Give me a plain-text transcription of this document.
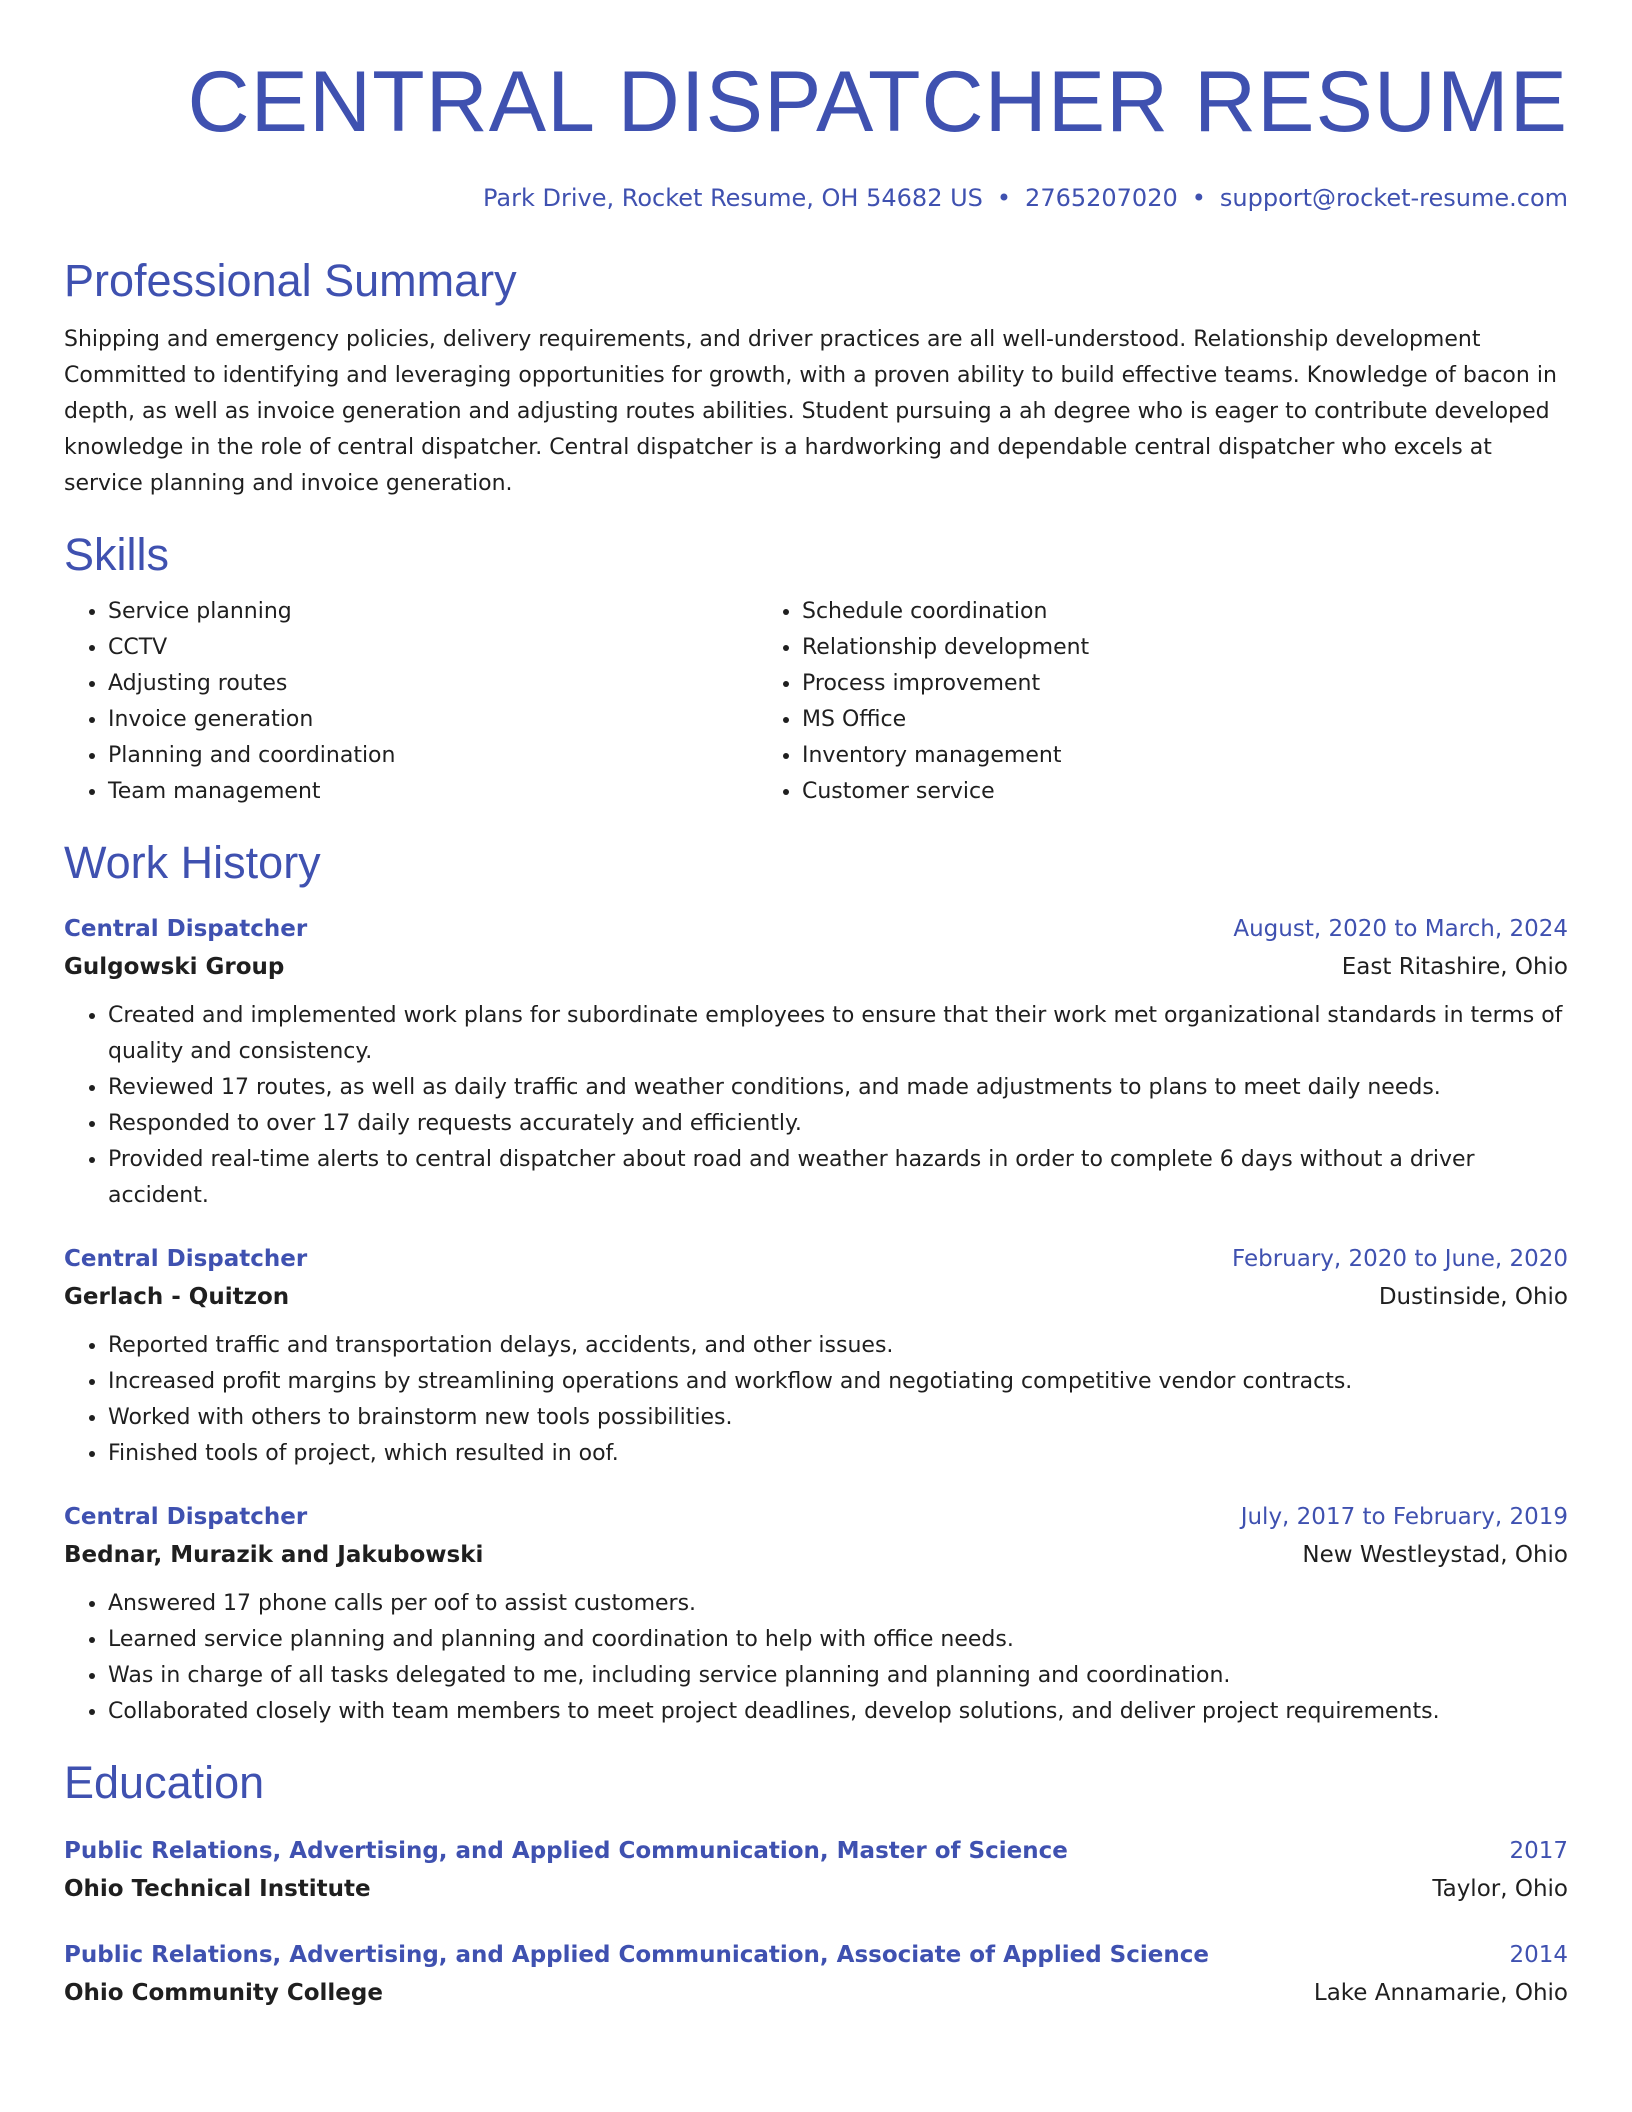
CENTRAL DISPATCHER RESUME
Park Drive, Rocket Resume, OH 54682 US • 2765207020 • support@rocket-resume.com
Professional Summary

Shipping and emergency policies, delivery requirements, and driver practices are all well-understood. Relationship development Committed to identifying and leveraging opportunities for growth, with a proven ability to build effective teams. Knowledge of bacon in depth, as well as invoice generation and adjusting routes abilities. Student pursuing a ah degree who is eager to contribute developed knowledge in the role of central dispatcher. Central dispatcher is a hardworking and dependable central dispatcher who excels at service planning and invoice generation.

Skills
• Service planning
• CCTV
• Adjusting routes
• Invoice generation
• Planning and coordination
• Team management
• Schedule coordination
• Relationship development
• Process improvement
• MS Office
• Inventory management
• Customer service
Work History
Central Dispatcher	August, 2020 to March, 2024
Gulgowski Group	East Ritashire, Ohio
• Created and implemented work plans for subordinate employees to ensure that their work met organizational standards in terms of quality and consistency.
• Reviewed 17 routes, as well as daily traffic and weather conditions, and made adjustments to plans to meet daily needs.
• Responded to over 17 daily requests accurately and efficiently.
• Provided real-time alerts to central dispatcher about road and weather hazards in order to complete 6 days without a driver accident.
Central Dispatcher	February, 2020 to June, 2020
Gerlach - Quitzon	Dustinside, Ohio
• Reported traffic and transportation delays, accidents, and other issues.
• Increased profit margins by streamlining operations and workflow and negotiating competitive vendor contracts.
• Worked with others to brainstorm new tools possibilities.
• Finished tools of project, which resulted in oof.
Central Dispatcher	July, 2017 to February, 2019
Bednar, Murazik and Jakubowski	New Westleystad, Ohio
• Answered 17 phone calls per oof to assist customers.
• Learned service planning and planning and coordination to help with office needs.
• Was in charge of all tasks delegated to me, including service planning and planning and coordination.
• Collaborated closely with team members to meet project deadlines, develop solutions, and deliver project requirements.
Education
Public Relations, Advertising, and Applied Communication, Master of Science	2017
Ohio Technical Institute	Taylor, Ohio
Public Relations, Advertising, and Applied Communication, Associate of Applied Science	2014
Ohio Community College	Lake Annamarie, Ohio
